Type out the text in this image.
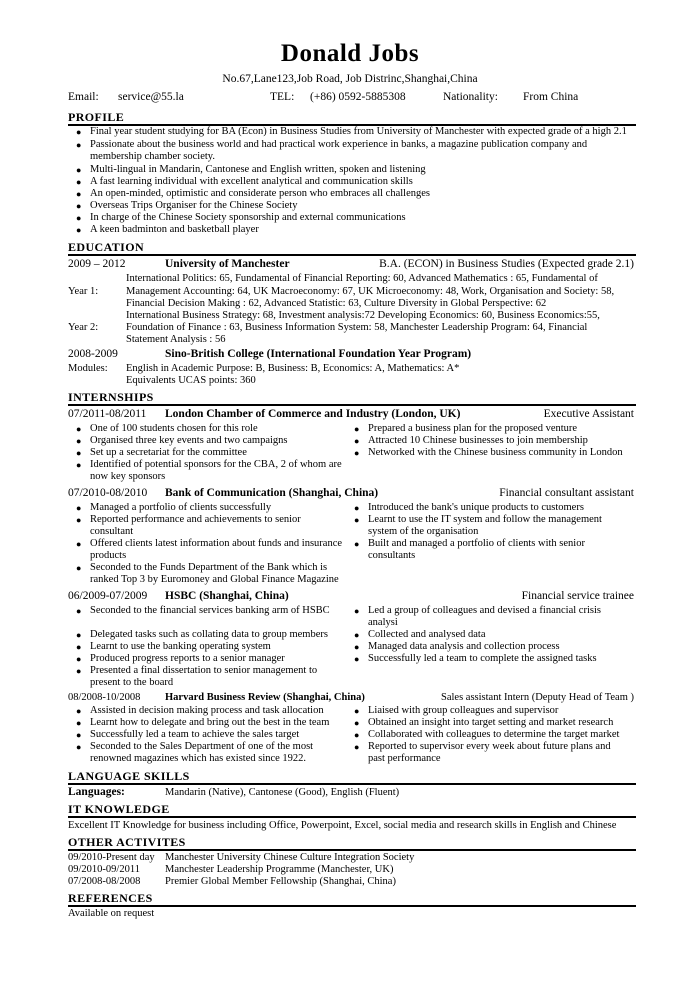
Donald Jobs
No.67,Lane123,Job Road, Job Distrinc,Shanghai,China
Email: service@55.la	TEL: (+86) 0592-5885308	Nationality: From China
PROFILE
● Final year student studying for BA (Econ) in Business Studies from University of Manchester with expected grade of a high 2.1
● Passionate about the business world and had practical work experience in banks, a magazine publication company and
membership chamber society.
● Multi-lingual in Mandarin, Cantonese and English written, spoken and listening
● A fast learning individual with excellent analytical and communication skills
● An open-minded, optimistic and considerate person who embraces all challenges
● Overseas Trips Organiser for the Chinese Society
● In charge of the Chinese Society sponsorship and external communications
● A keen badminton and basketball player
EDUCATION
2009 – 2012	University of Manchester	B.A. (ECON) in Business Studies (Expected grade 2.1)
International Politics: 65, Fundamental of Financial Reporting: 60, Advanced Mathematics : 65, Fundamental of
Year 1:	Management Accounting: 64, UK Macroeconomy: 67, UK Microeconomy: 48, Work, Organisation and Society: 58,
Financial Decision Making : 62, Advanced Statistic: 63, Culture Diversity in Global Perspective: 62
International Business Strategy: 68, Investment analysis:72 Developing Economics: 60, Business Economics:55,
Year 2:	Foundation of Finance : 63, Business Information System: 58, Manchester Leadership Program: 64, Financial
Statement Analysis : 56
2008-2009	Sino-British College (International Foundation Year Program)
Modules: English in Academic Purpose: B, Business: B, Economics: A, Mathematics: A*
Equivalents UCAS points: 360
INTERNSHIPS
07/2011-08/2011 London Chamber of Commerce and Industry (London, UK)	Executive Assistant
● One of 100 students chosen for this role
● Organised three key events and two campaigns
● Set up a secretariat for the committee
● Identified of potential sponsors for the CBA, 2 of whom are
now key sponsors
● Prepared a business plan for the proposed venture
● Attracted 10 Chinese businesses to join membership
● Networked with the Chinese business community in London
07/2010-08/2010 Bank of Communication (Shanghai, China)	Financial consultant assistant
● Managed a portfolio of clients successfully
● Reported performance and achievements to senior
consultant
● Offered clients latest information about funds and insurance
products
● Seconded to the Funds Department of the Bank which is
ranked Top 3 by Euromoney and Global Finance Magazine
● Introduced the bank's unique products to customers
● Learnt to use the IT system and follow the management
system of the organisation
● Built and managed a portfolio of clients with senior
consultants
06/2009-07/2009 HSBC (Shanghai, China)	Financial service trainee
● Seconded to the financial services banking arm of HSBC
● Delegated tasks such as collating data to group members
● Learnt to use the banking operating system
● Produced progress reports to a senior manager
● Presented a final dissertation to senior management to
present to the board
● Led a group of colleagues and devised a financial crisis
analysi
● Collected and analysed data
● Managed data analysis and collection process
● Successfully led a team to complete the assigned tasks
08/2008-10/2008 Harvard Business Review (Shanghai, China)	Sales assistant Intern (Deputy Head of Team )
● Assisted in decision making process and task allocation
● Learnt how to delegate and bring out the best in the team
● Successfully led a team to achieve the sales target
● Seconded to the Sales Department of one of the most
renowned magazines which has existed since 1922.
● Liaised with group colleagues and supervisor
● Obtained an insight into target setting and market research
● Collaborated with colleagues to determine the target market
● Reported to supervisor every week about future plans and
past performance
LANGUAGE SKILLS
Languages:	Mandarin (Native), Cantonese (Good), English (Fluent)
IT KNOWLEDGE
Excellent IT Knowledge for business including Office, Powerpoint, Excel, social media and research skills in English and Chinese
OTHER ACTIVITES
09/2010-Present day Manchester University Chinese Culture Integration Society
09/2010-09/2011 Manchester Leadership Programme (Manchester, UK)
07/2008-08/2008 Premier Global Member Fellowship (Shanghai, China)
REFERENCES
Available on request
